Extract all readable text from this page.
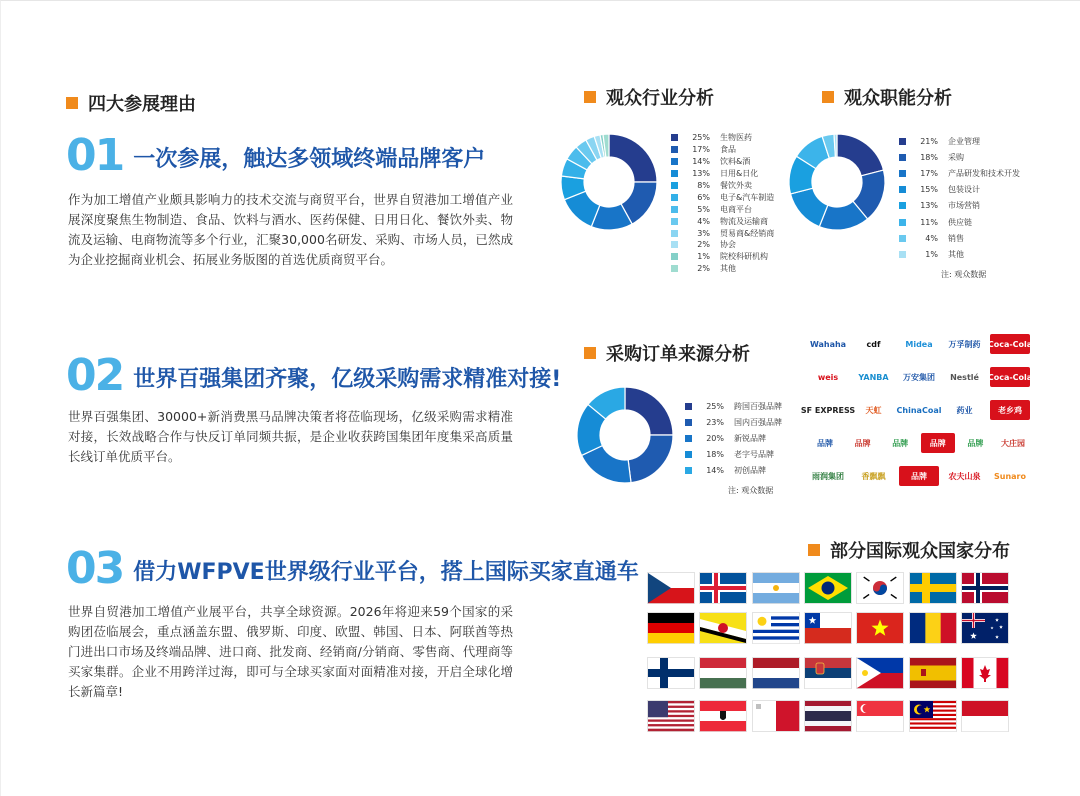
四大参展理由
01 一次参展，触达多领域终端品牌客户
作为加工增值产业颇具影响力的技术交流与商贸平台，世界自贸港加工增值产业展深度聚焦生物制造、食品、饮料与酒水、医药保健、日用日化、餐饮外卖、物流及运输、电商物流等多个行业，汇聚30,000名研发、采购、市场人员，已然成为企业挖掘商业机会、拓展业务版图的首选优质商贸平台。
02 世界百强集团齐聚，亿级采购需求精准对接!
世界百强集团、30000+新消费黑马品牌决策者将莅临现场，亿级采购需求精准对接，长效战略合作与快反订单同频共振，是企业收获跨国集团年度集采高质量长线订单优质平台。
03 借力WFPVE世界级行业平台，搭上国际买家直通车
世界自贸港加工增值产业展平台，共享全球资源。2026年将迎来59个国家的采购团莅临展会，重点涵盖东盟、俄罗斯、印度、欧盟、韩国、日本、阿联酋等热门进出口市场及终端品牌、进口商、批发商、经销商/分销商、零售商、代理商等买家集群。企业不用跨洋过海，即可与全球买家面对面精准对接，开启全球化增长新篇章!
观众行业分析
25% 生物医药
17% 食品
14% 饮料&酒
13% 日用&日化
8% 餐饮外卖
6% 电子&汽车制造
5% 电商平台
4% 物流及运输商
3% 贸易商&经销商
2% 协会
1% 院校科研机构
2% 其他
观众职能分析
21% 企业管理
18% 采购
17% 产品研发和技术开发
15% 包装设计
13% 市场营销
11% 供应链
4% 销售
1% 其他
注: 观众数据
采购订单来源分析
25% 跨国百强品牌
23% 国内百强品牌
20% 新锐品牌
18% 老字号品牌
14% 初创品牌
注: 观众数据
Wahaha	cdf	Midea	万孚制药 Coca-Cola
weis	YANBA	万安集团	Nestlé	Coca-Cola
SF EXPRESS	天虹	ChinaCoal	药业	老乡鸡
品牌	品牌	品牌	品牌	品牌	大庄园
雨润集团	香飘飘	品牌	农夫山泉	Sunaro
部分国际观众国家分布
